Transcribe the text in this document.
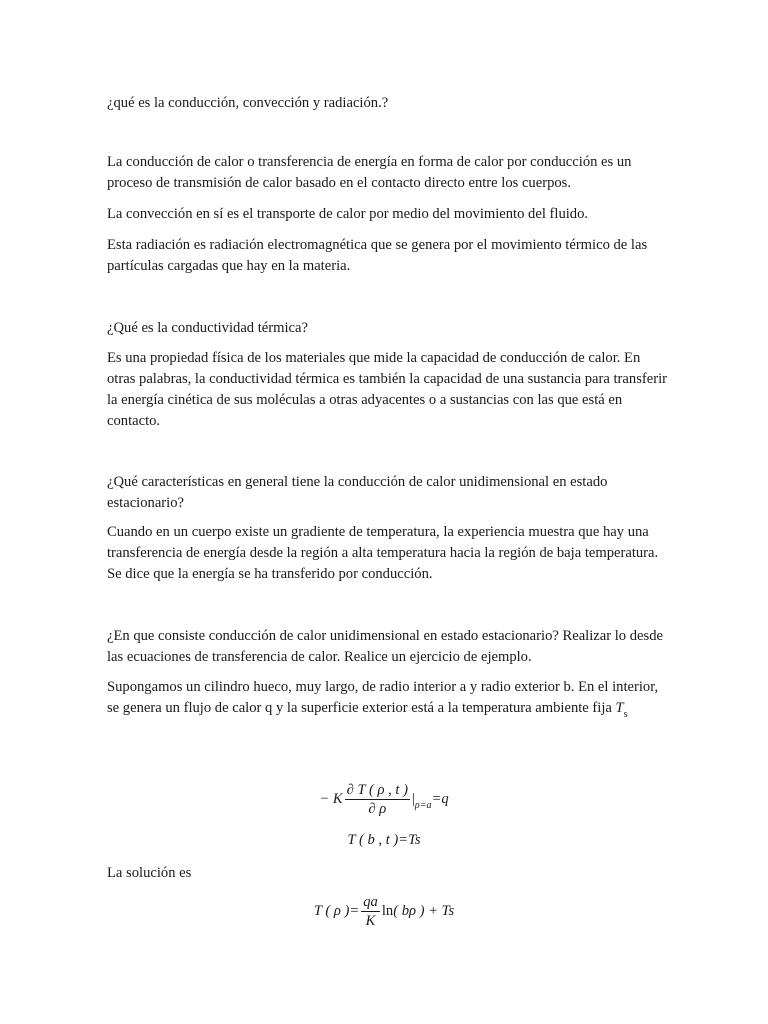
¿qué es la conducción, convección y radiación.?

La conducción de calor o transferencia de energía en forma de calor por conducción es un proceso de transmisión de calor basado en el contacto directo entre los cuerpos.

La convección en sí es el transporte de calor por medio del movimiento del fluido.

Esta radiación es radiación electromagnética que se genera por el movimiento térmico de las partículas cargadas que hay en la materia.

¿Qué es la conductividad térmica?

Es una propiedad física de los materiales que mide la capacidad de conducción de calor. En otras palabras, la conductividad térmica es también la capacidad de una sustancia para transferir la energía cinética de sus moléculas a otras adyacentes o a sustancias con las que está en contacto.

¿Qué características en general tiene la conducción de calor unidimensional en estado estacionario?

Cuando en un cuerpo existe un gradiente de temperatura, la experiencia muestra que hay una transferencia de energía desde la región a alta temperatura hacia la región de baja temperatura. Se dice que la energía se ha transferido por conducción.

¿En que consiste conducción de calor unidimensional en estado estacionario? Realizar lo desde las ecuaciones de transferencia de calor. Realice un ejercicio de ejemplo.

Supongamos un cilindro hueco, muy largo, de radio interior a y radio exterior b. En el interior, se genera un flujo de calor q y la superficie exterior está a la temperatura ambiente fija $T_s$

− K $\frac{\partial T ( \rho , t )}{\partial \rho} |_{\rho=a}=q$
T ( b , t )=Ts

La solución es

T ( ρ )= $\frac{qa}{K} \ln$( bρ ) + Ts
